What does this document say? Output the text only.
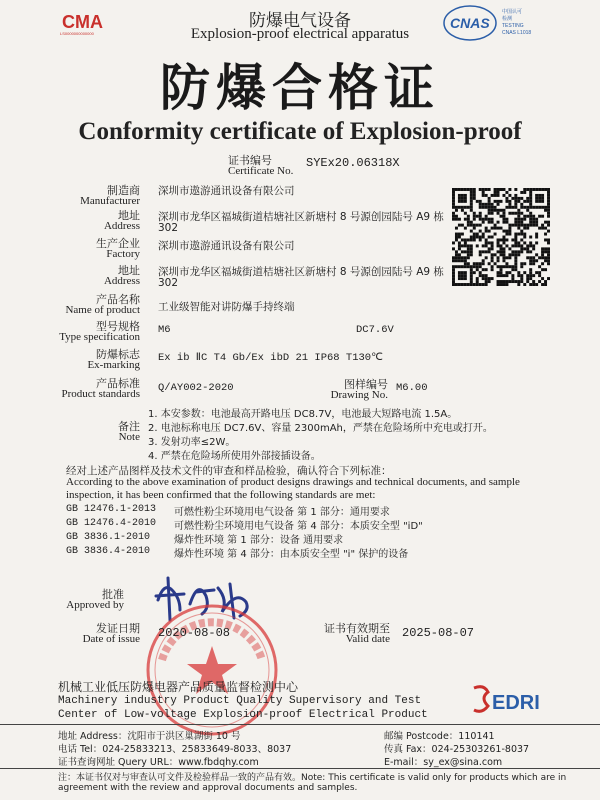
CMA
LS0000000000000
CNAS
中国认可
检测
TESTING
CNAS L1018
防爆电气设备
Explosion-proof electrical apparatus
防爆合格证
Conformity certificate of Explosion-proof
证书编号
Certificate No.
SYEx20.06318X
制造商
Manufacturer
深圳市遨游通讯设备有限公司
地址
Address
深圳市龙华区福城街道桔塘社区新塘村 8 号源创园陆号 A9 栋
302
生产企业
Factory
深圳市遨游通讯设备有限公司
地址
Address
深圳市龙华区福城街道桔塘社区新塘村 8 号源创园陆号 A9 栋
302
产品名称
Name of product 工业级智能对讲防爆手持终端
型号规格
Type specification
M6	DC7.6V
防爆标志
Ex-marking
Ex ib ⅡC T4 Gb/Ex ibD 21 IP68 T130℃
产品标准
Product standards Q/AY002-2020	图样编号
Drawing No.
M6.00
备注
Note
1. 本安参数：电池最高开路电压 DC8.7V，电池最大短路电流 1.5A。
2. 电池标称电压 DC7.6V、容量 2300mAh，严禁在危险场所中充电或打开。
3. 发射功率≤2W。
4. 严禁在危险场所使用外部接插设备。
经对上述产品图样及技术文件的审查和样品检验，确认符合下列标准：
According to the above examination of product designs drawings and technical documents, and sample
inspection, it has been confirmed that the following standards are met:
GB 12476.1-2013 可燃性粉尘环境用电气设备 第 1 部分：通用要求
GB 12476.4-2010 可燃性粉尘环境用电气设备 第 4 部分：本质安全型 "iD"
GB 3836.1-2010 爆炸性环境 第 1 部分：设备 通用要求
GB 3836.4-2010 爆炸性环境 第 4 部分：由本质安全型 "i" 保护的设备
批准
Approved by
发证日期
Date of issue 2020-08-08	证书有效期至
Valid date 2025-08-07
机械工业低压防爆电器产品质量监督检测中心
Machinery industry Product Quality Supervisory and Test
Center of Low-voltage Explosion-proof Electrical Product
EDRI
地址 Address：沈阳市于洪区巢湖街 10 号	邮编 Postcode：110141
电话 Tel：024-25833213、25833649-8033、8037	传真 Fax：024-25303261-8037
证书查询网址 Query URL：www.fbdqhy.com	E-mail：sy_ex@sina.com
注：本证书仅对与审查认可文件及检验样品一致的产品有效。Note: This certificate is valid only for products which are in
agreement with the review and approval documents and samples.
